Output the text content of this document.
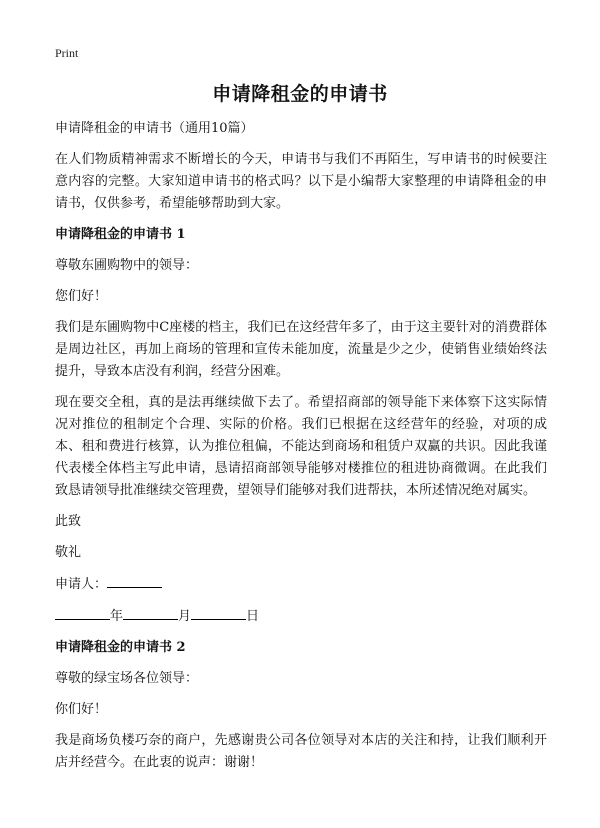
Print
申请降租金的申请书

申请降租金的申请书（通用10篇）

在人们物质精神需求不断增长的今天，申请书与我们不再陌生，写申请书的时候要注意内容的完整。大家知道申请书的格式吗？以下是小编帮大家整理的申请降租金的申请书，仅供参考，希望能够帮助到大家。

申请降租金的申请书 1

尊敬东圃购物中的领导：

您们好！

我们是东圃购物中C座楼的档主，我们已在这经营年多了，由于这主要针对的消费群体是周边社区，再加上商场的管理和宣传未能加度，流量是少之少，使销售业绩始终法提升，导致本店没有利润，经营分困难。

现在要交全租，真的是法再继续做下去了。希望招商部的领导能下来体察下这实际情况对推位的租制定个合理、实际的价格。我们已根据在这经营年的经验，对项的成本、租和费进行核算，认为推位租偏，不能达到商场和租赁户双赢的共识。因此我谨代表楼全体档主写此申请，恳请招商部领导能够对楼推位的租进协商微调。在此我们致恳请领导批准继续交管理费，望领导们能够对我们进帮扶，本所述情况绝对属实。

此致

敬礼

申请人：

年	月	日

申请降租金的申请书 2

尊敬的绿宝场各位领导：

你们好！

我是商场负楼巧奈的商户，先感谢贵公司各位领导对本店的关注和持，让我们顺利开店并经营今。在此衷的说声：谢谢！
